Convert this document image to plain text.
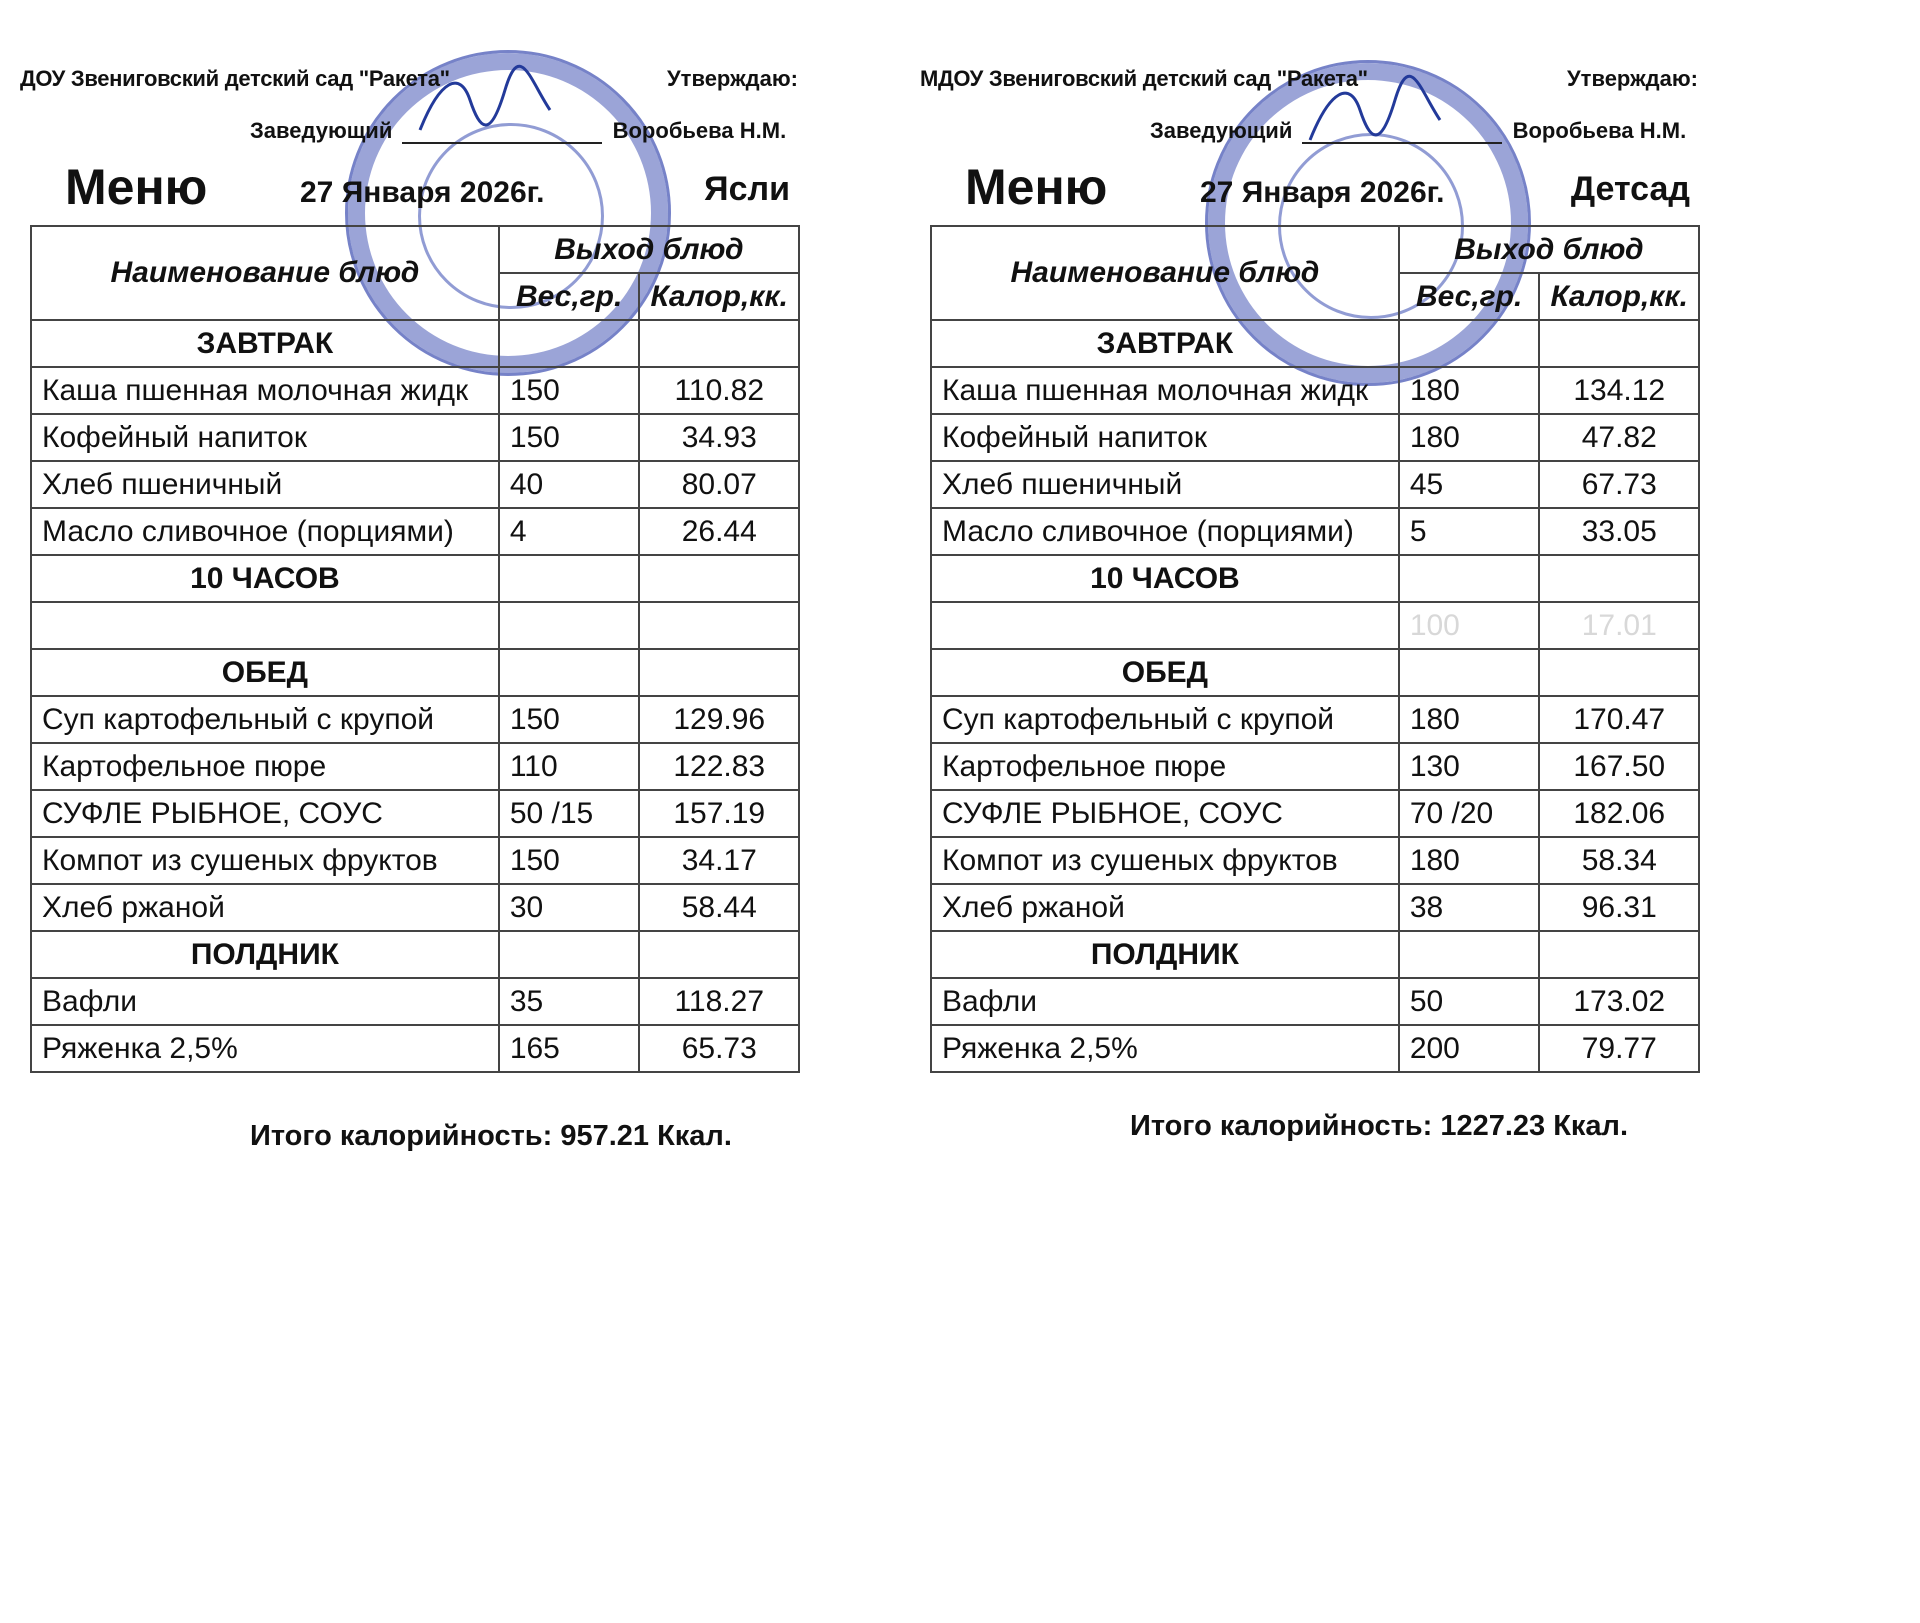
ДОУ Звениговский детский сад "Ракета"	Утверждаю:
Заведующий	Воробьева Н.М.
Меню	27 Января 2026г.	Ясли
Наименование блюд	Выход блюд	
	Вес,гр.	Калор,кк.
ЗАВТРАК		
Каша пшенная молочная жидк	150	110.82
Кофейный напиток	150	34.93
Хлеб пшеничный	40	80.07
Масло сливочное (порциями)	4	26.44
10 ЧАСОВ		

ОБЕД		
Суп картофельный с крупой	150	129.96
Картофельное пюре	110	122.83
СУФЛЕ РЫБНОЕ, СОУС	50 /15	157.19
Компот из сушеных фруктов	150	34.17
Хлеб ржаной	30	58.44
ПОЛДНИК		
Вафли	35	118.27
Ряженка 2,5%	165	65.73
Итого калорийность: 957.21 Ккал.
МДОУ Звениговский детский сад "Ракета"	Утверждаю:
Заведующий	Воробьева Н.М.
Меню	27 Января 2026г.	Детсад
Наименование блюд	Выход блюд	
	Вес,гр.	Калор,кк.
ЗАВТРАК		
Каша пшенная молочная жидк	180	134.12
Кофейный напиток	180	47.82
Хлеб пшеничный	45	67.73
Масло сливочное (порциями)	5	33.05
10 ЧАСОВ		
	100	17.01
ОБЕД		
Суп картофельный с крупой	180	170.47
Картофельное пюре	130	167.50
СУФЛЕ РЫБНОЕ, СОУС	70 /20	182.06
Компот из сушеных фруктов	180	58.34
Хлеб ржаной	38	96.31
ПОЛДНИК		
Вафли	50	173.02
Ряженка 2,5%	200	79.77
Итого калорийность: 1227.23 Ккал.
